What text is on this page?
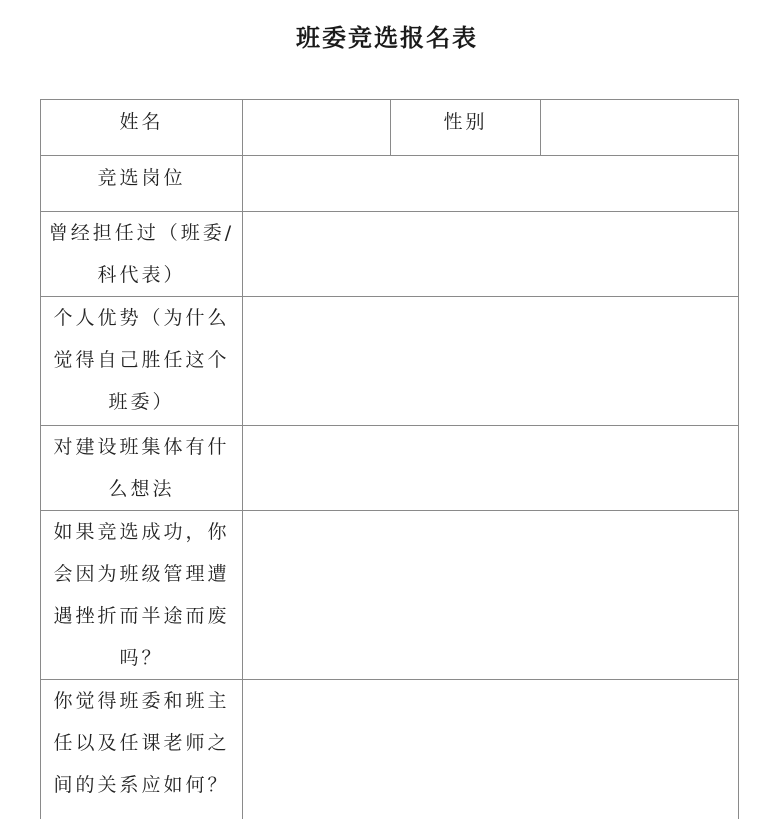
班委竞选报名表
姓名		性别	
竞选岗位			
曾经担任过（班委/科代表）			
个人优势（为什么觉得自己胜任这个班委）			
对建设班集体有什么想法			
如果竞选成功，你会因为班级管理遭遇挫折而半途而废吗？			
你觉得班委和班主任以及任课老师之间的关系应如何？			
